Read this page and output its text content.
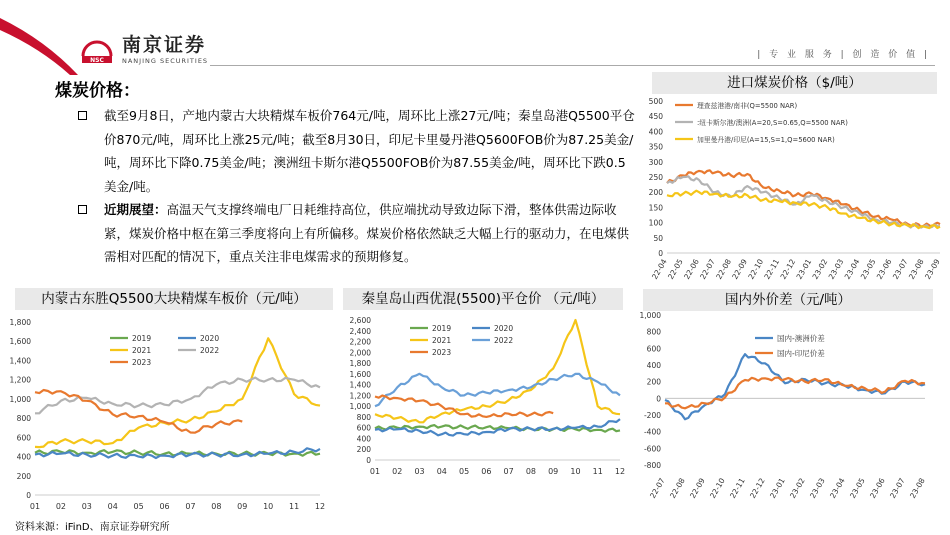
NSC
南京证券
NANJING SECURITIES
| 专 业 服 务 | 创 造 价 值 |
煤炭价格：
截至9月8日，产地内蒙古大块精煤车板价764元/吨，周环比上涨27元/吨；秦皇岛港Q5500平仓价870元/吨，周环比上涨25元/吨；截至8月30日，印尼卡里曼丹港Q5600FOB价为87.25美金/吨，周环比下降0.75美金/吨；澳洲纽卡斯尔港Q5500FOB价为87.55美金/吨，周环比下跌0.5美金/吨。
近期展望：高温天气支撑终端电厂日耗维持高位，供应端扰动导致边际下滑，整体供需边际收紧，煤炭价格中枢在第三季度将向上有所偏移。煤炭价格依然缺乏大幅上行的驱动力，在电煤供需相对匹配的情况下，重点关注非电煤需求的预期修复。
进口煤炭价格（$/吨）
内蒙古东胜Q5500大块精煤车板价（元/吨）	秦皇岛山西优混(5500)平仓价 （元/吨）	国内外价差（元/吨）
0
50
100
150
200
250
300
350
400
450
500
22-04
22-05
22-06
22-07
22-08
22-09
22-10
22-11
22-12
23-01
23-02
23-03
23-04
23-05
23-06
23-07
23-08
23-09
理查兹港港/南非(Q=5500 NAR)
:纽卡斯尔港/澳洲(A=20,S=0.65,Q=5500 NAR)
加里曼丹港/印尼(A=15,S=1,Q=5600 NAR)
0
200
400
600
800
1,000
1,200
1,400
1,600
1,800
01 02 03 04 05 06 07 08 09 10 11 12
2019	2020
2021	2022
2023
0
200
400
600
800
1,000
1,200
1,400
1,600
1,800
2,000
2,200
2,400
2,600
01 02 03 04 05 06 07 08 09 10 11 12
2019	2020
2021	2022
2023
-800
-600
-400
-200
0
200
400
600
800
1,000
22-07 22-08 22-09 22-10 22-11 22-12 23-01 23-02 23-03 23-04 23-05 23-06 23-07 23-08
国内-澳洲价差
国内-印尼价差
资料来源：iFinD、南京证券研究所
